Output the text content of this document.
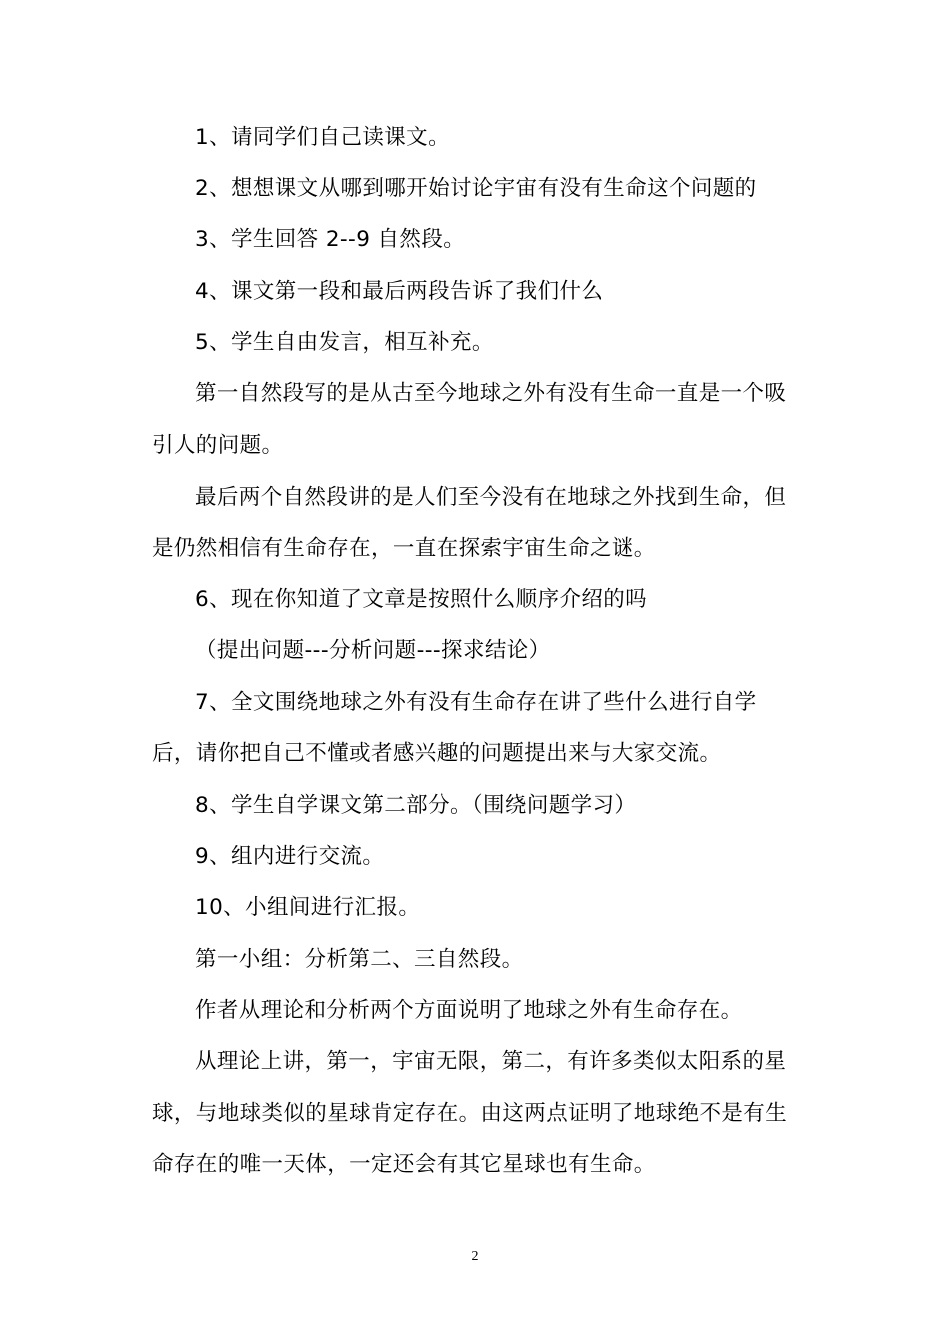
1、请同学们自己读课文。
2、想想课文从哪到哪开始讨论宇宙有没有生命这个问题的
3、学生回答 2--9 自然段。
4、课文第一段和最后两段告诉了我们什么
5、学生自由发言，相互补充。
第一自然段写的是从古至今地球之外有没有生命一直是一个吸
引人的问题。
最后两个自然段讲的是人们至今没有在地球之外找到生命，但
是仍然相信有生命存在，一直在探索宇宙生命之谜。
6、现在你知道了文章是按照什么顺序介绍的吗
（提出问题---分析问题---探求结论）
7、全文围绕地球之外有没有生命存在讲了些什么进行自学
后，请你把自己不懂或者感兴趣的问题提出来与大家交流。
8、学生自学课文第二部分。（围绕问题学习）
9、组内进行交流。
10、小组间进行汇报。
第一小组：分析第二、三自然段。
作者从理论和分析两个方面说明了地球之外有生命存在。
从理论上讲，第一，宇宙无限，第二，有许多类似太阳系的星
球，与地球类似的星球肯定存在。由这两点证明了地球绝不是有生
命存在的唯一天体，一定还会有其它星球也有生命。
2
